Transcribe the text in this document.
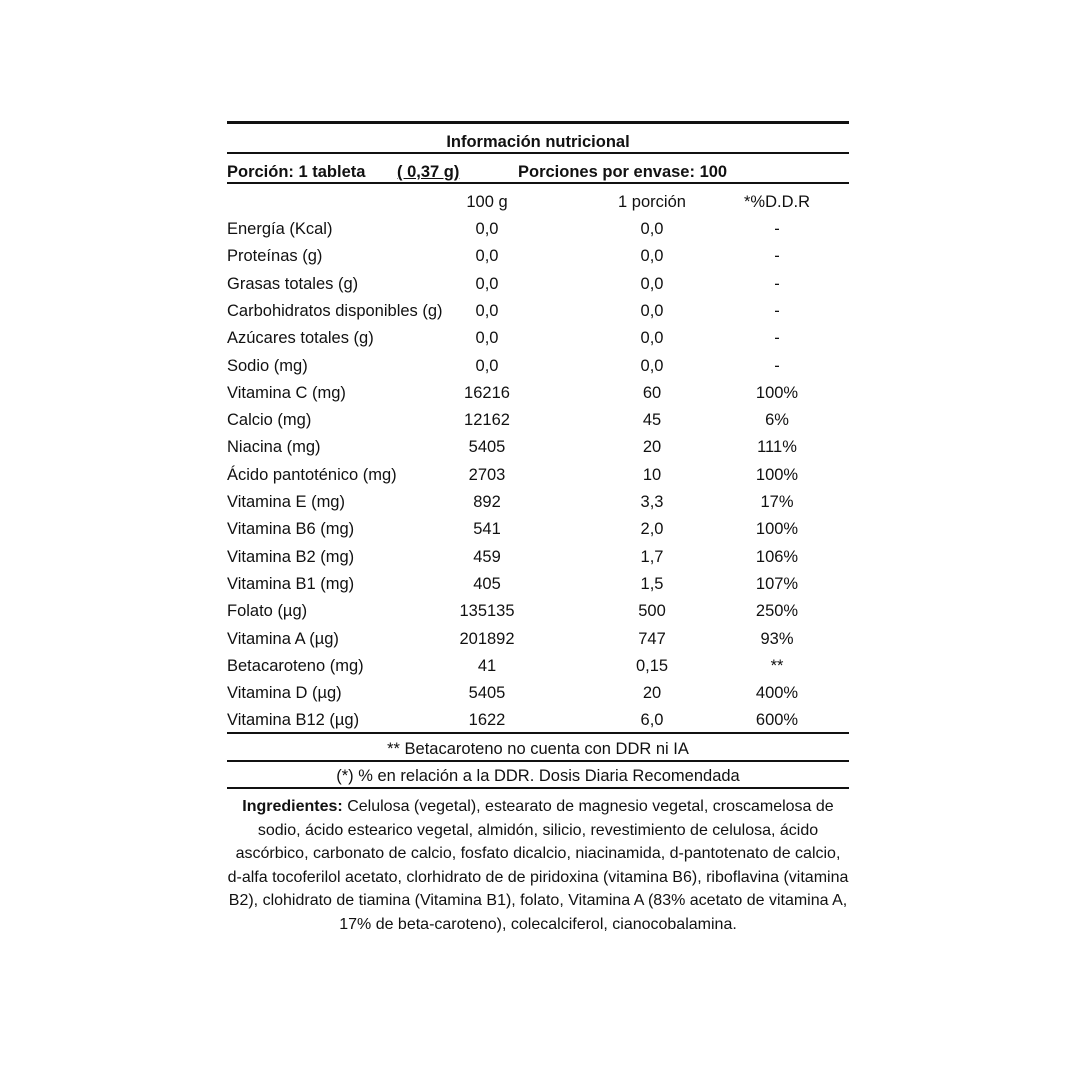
Información nutricional
Porción: 1 tableta ( 0,37 g)	Porciones por envase: 100
100 g	1 porción	*%D.D.R
Energía (Kcal)	0,0	0,0	-
Proteínas (g)	0,0	0,0	-
Grasas totales (g)	0,0	0,0	-
Carbohidratos disponibles (g)	0,0	0,0	-
Azúcares totales (g)	0,0	0,0	-
Sodio (mg)	0,0	0,0	-
Vitamina C (mg)	16216	60	100%
Calcio (mg)	12162	45	6%
Niacina (mg)	5405	20	111%
Ácido pantoténico (mg)	2703	10	100%
Vitamina E (mg)	892	3,3	17%
Vitamina B6 (mg)	541	2,0	100%
Vitamina B2 (mg)	459	1,7	106%
Vitamina B1 (mg)	405	1,5	107%
Folato (µg)	135135	500	250%
Vitamina A (µg)	201892	747	93%
Betacaroteno (mg)	41	0,15	**
Vitamina D (µg)	5405	20	400%
Vitamina B12 (µg)	1622	6,0	600%
** Betacaroteno no cuenta con DDR ni IA
(*) % en relación a la DDR. Dosis Diaria Recomendada
Ingredientes: Celulosa (vegetal), estearato de magnesio vegetal, croscamelosa de sodio, ácido estearico vegetal, almidón, silicio, revestimiento de celulosa, ácido ascórbico, carbonato de calcio, fosfato dicalcio, niacinamida, d-pantotenato de calcio, d-alfa tocoferilol acetato, clorhidrato de de piridoxina (vitamina B6), riboflavina (vitamina B2), clohidrato de tiamina (Vitamina B1), folato, Vitamina A (83% acetato de vitamina A, 17% de beta-caroteno), colecalciferol, cianocobalamina.
